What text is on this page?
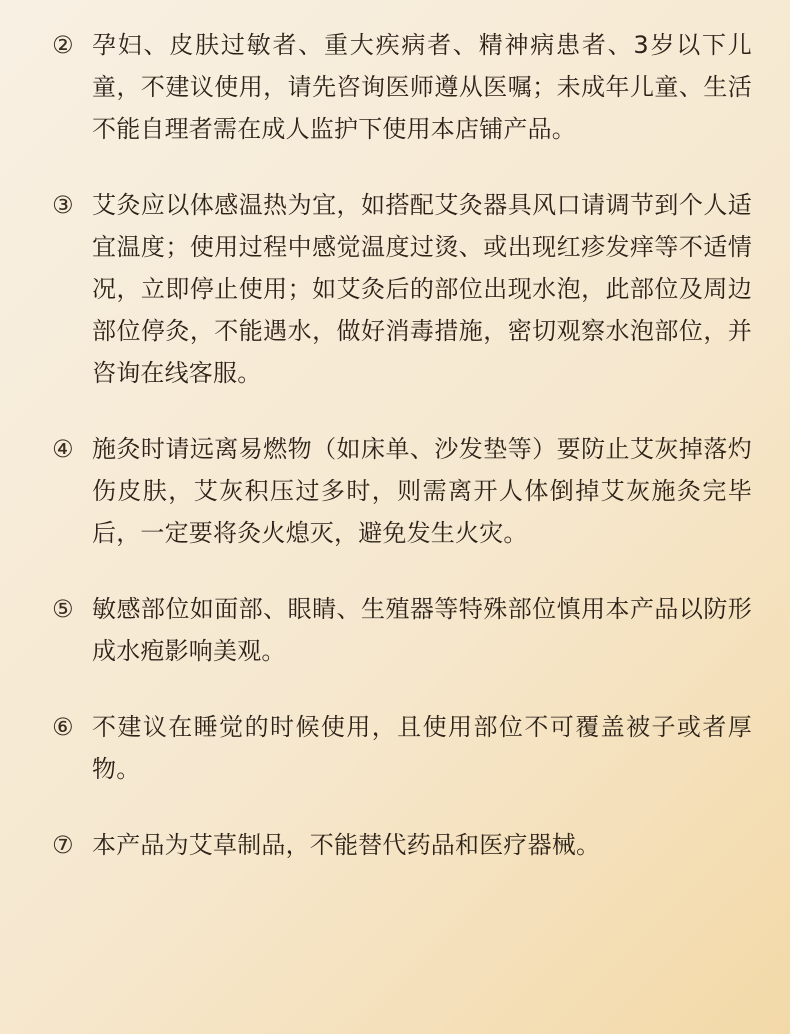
② 孕妇、皮肤过敏者、重大疾病者、精神病患者、3岁以下儿童，不建议使用，请先咨询医师遵从医嘱；未成年儿童、生活不能自理者需在成人监护下使用本店铺产品。
③ 艾灸应以体感温热为宜，如搭配艾灸器具风口请调节到个人适宜温度；使用过程中感觉温度过烫、或出现红疹发痒等不适情况，立即停止使用；如艾灸后的部位出现水泡，此部位及周边部位停灸，不能遇水，做好消毒措施，密切观察水泡部位，并咨询在线客服。
④ 施灸时请远离易燃物（如床单、沙发垫等）要防止艾灰掉落灼伤皮肤，艾灰积压过多时，则需离开人体倒掉艾灰施灸完毕后，一定要将灸火熄灭，避免发生火灾。
⑤ 敏感部位如面部、眼睛、生殖器等特殊部位慎用本产品以防形成水疱影响美观。
⑥ 不建议在睡觉的时候使用，且使用部位不可覆盖被子或者厚物。
⑦ 本产品为艾草制品，不能替代药品和医疗器械。
